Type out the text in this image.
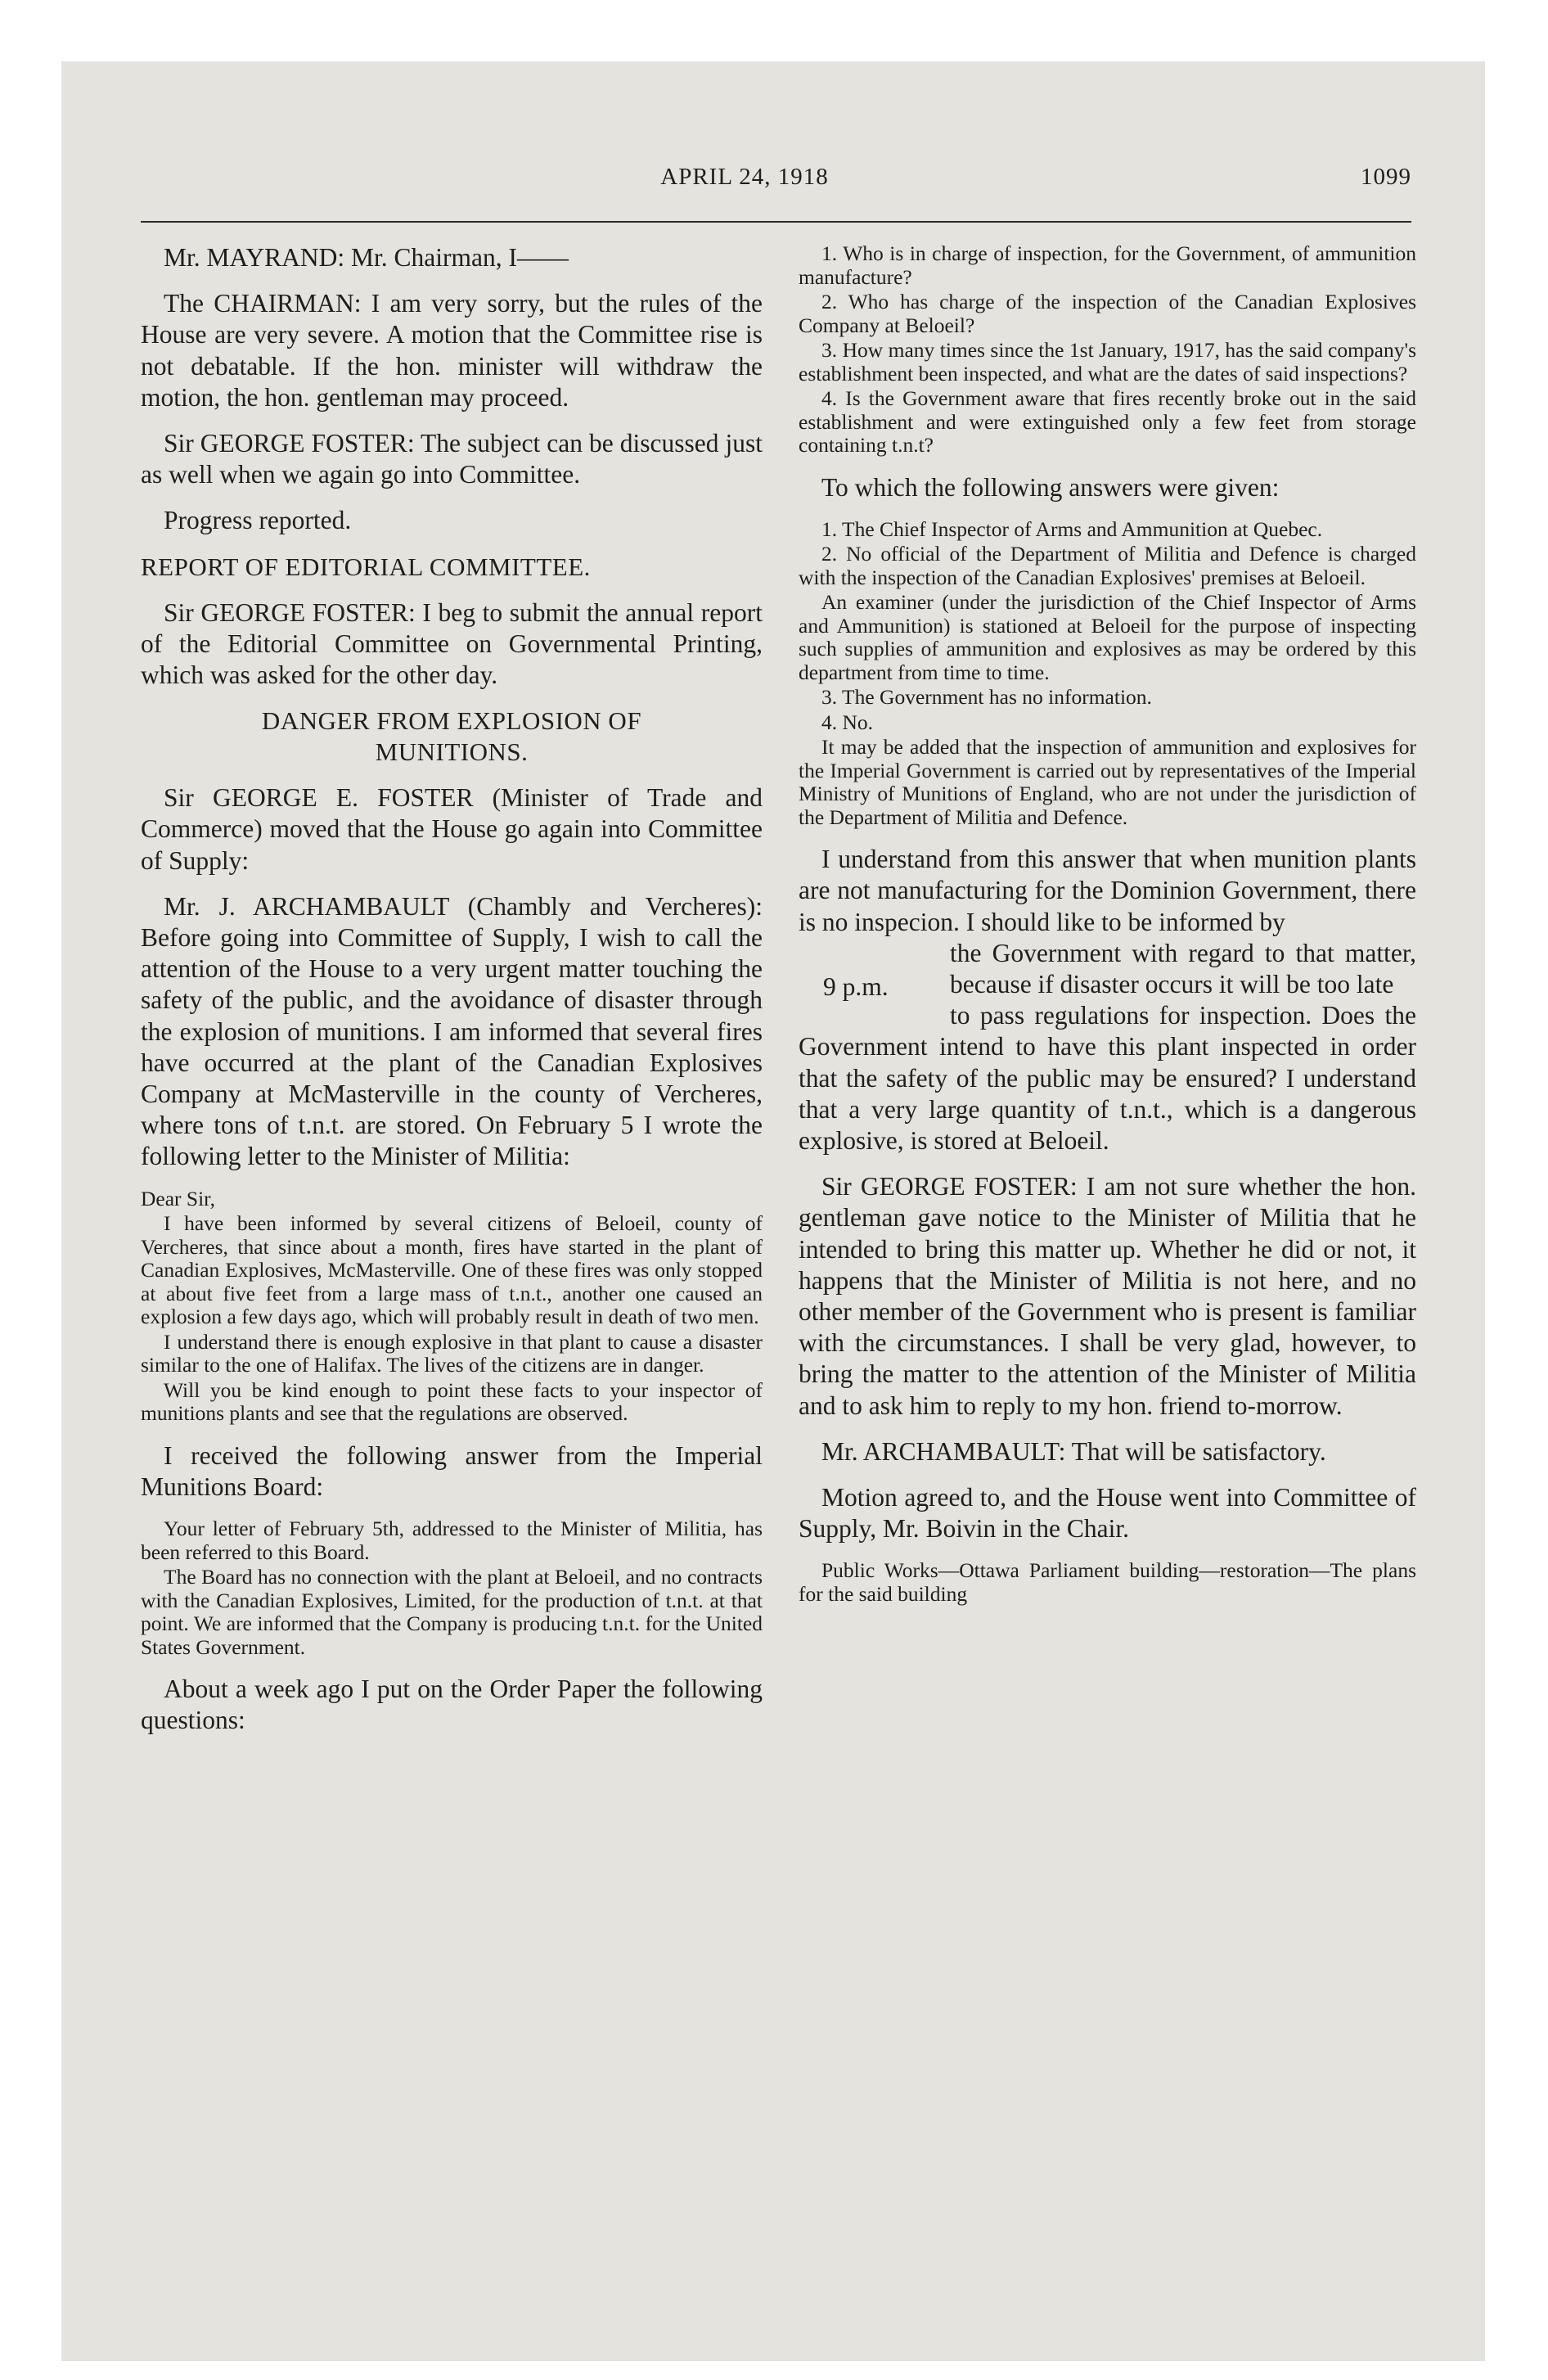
APRIL 24, 1918	1099

Mr. MAYRAND: Mr. Chairman, I——

The CHAIRMAN: I am very sorry, but the rules of the House are very severe. A motion that the Committee rise is not debatable. If the hon. minister will withdraw the motion, the hon. gentleman may proceed.

Sir GEORGE FOSTER: The subject can be discussed just as well when we again go into Committee.

Progress reported.

REPORT OF EDITORIAL COMMITTEE.

Sir GEORGE FOSTER: I beg to submit the annual report of the Editorial Committee on Governmental Printing, which was asked for the other day.

DANGER FROM EXPLOSION OF
MUNITIONS.

Sir GEORGE E. FOSTER (Minister of Trade and Commerce) moved that the House go again into Committee of Supply:

Mr. J. ARCHAMBAULT (Chambly and Vercheres): Before going into Committee of Supply, I wish to call the attention of the House to a very urgent matter touching the safety of the public, and the avoidance of disaster through the explosion of munitions. I am informed that several fires have occurred at the plant of the Canadian Explosives Company at McMasterville in the county of Vercheres, where tons of t.n.t. are stored. On February 5 I wrote the following letter to the Minister of Militia:

Dear Sir,

I have been informed by several citizens of Beloeil, county of Vercheres, that since about a month, fires have started in the plant of Canadian Explosives, McMasterville. One of these fires was only stopped at about five feet from a large mass of t.n.t., another one caused an explosion a few days ago, which will probably result in death of two men.

I understand there is enough explosive in that plant to cause a disaster similar to the one of Halifax. The lives of the citizens are in danger.

Will you be kind enough to point these facts to your inspector of munitions plants and see that the regulations are observed.

I received the following answer from the Imperial Munitions Board:

Your letter of February 5th, addressed to the Minister of Militia, has been referred to this Board.

The Board has no connection with the plant at Beloeil, and no contracts with the Canadian Explosives, Limited, for the production of t.n.t. at that point. We are informed that the Company is producing t.n.t. for the United States Government.

About a week ago I put on the Order Paper the following questions:

1. Who is in charge of inspection, for the Government, of ammunition manufacture?

2. Who has charge of the inspection of the Canadian Explosives Company at Beloeil?

3. How many times since the 1st January, 1917, has the said company's establishment been inspected, and what are the dates of said inspections?

4. Is the Government aware that fires recently broke out in the said establishment and were extinguished only a few feet from storage containing t.n.t?

To which the following answers were given:

1. The Chief Inspector of Arms and Ammunition at Quebec.

2. No official of the Department of Militia and Defence is charged with the inspection of the Canadian Explosives' premises at Beloeil.

An examiner (under the jurisdiction of the Chief Inspector of Arms and Ammunition) is stationed at Beloeil for the purpose of inspecting such supplies of ammunition and explosives as may be ordered by this department from time to time.

3. The Government has no information.

4. No.

It may be added that the inspection of ammunition and explosives for the Imperial Government is carried out by representatives of the Imperial Ministry of Munitions of England, who are not under the jurisdiction of the Department of Militia and Defence.

I understand from this answer that when munition plants are not manufacturing for the Dominion Government, there is no inspecion. I should like to be informed by

9 p.m.

the Government with regard to that matter, because if disaster occurs it will be too late

to pass regulations for inspection. Does the Government intend to have this plant inspected in order that the safety of the public may be ensured? I understand that a very large quantity of t.n.t., which is a dangerous explosive, is stored at Beloeil.

Sir GEORGE FOSTER: I am not sure whether the hon. gentleman gave notice to the Minister of Militia that he intended to bring this matter up. Whether he did or not, it happens that the Minister of Militia is not here, and no other member of the Government who is present is familiar with the circumstances. I shall be very glad, however, to bring the matter to the attention of the Minister of Militia and to ask him to reply to my hon. friend to-morrow.

Mr. ARCHAMBAULT: That will be satisfactory.

Motion agreed to, and the House went into Committee of Supply, Mr. Boivin in the Chair.

Public Works—Ottawa Parliament building—restoration—The plans for the said building
